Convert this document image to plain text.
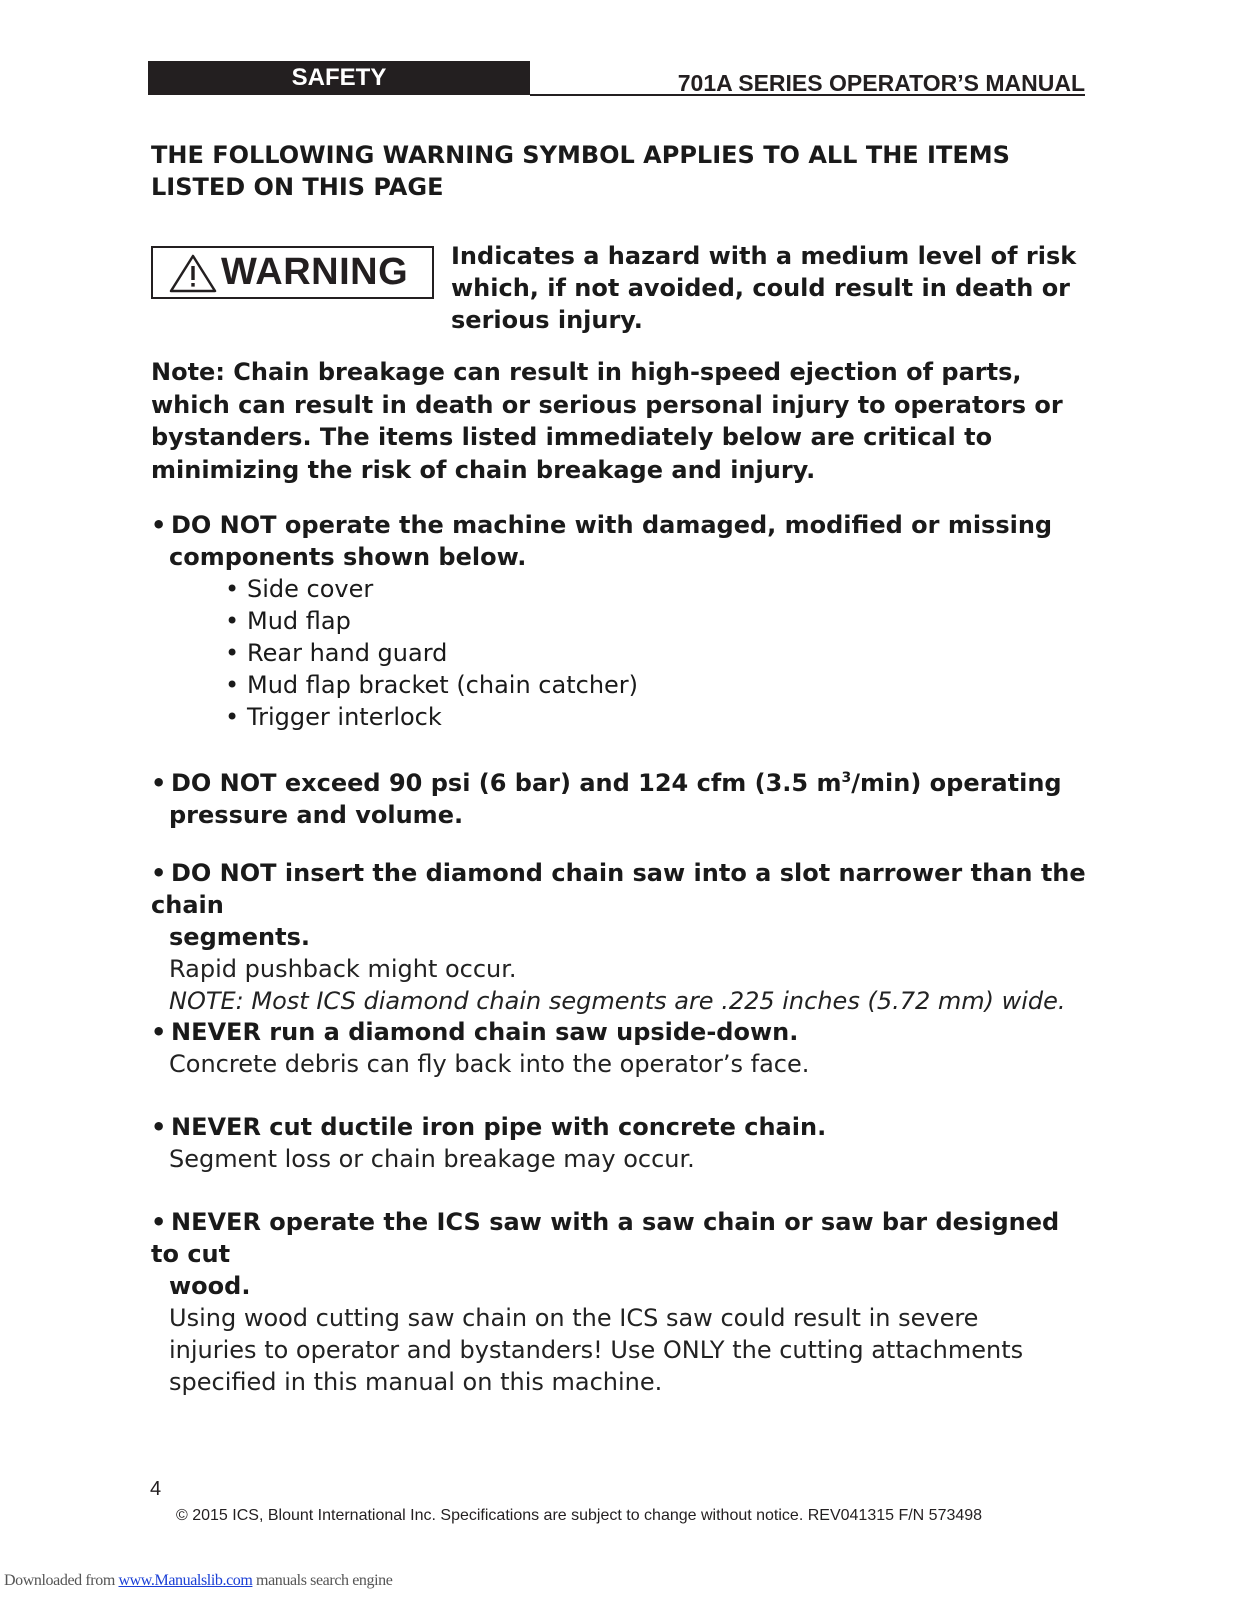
SAFETY	701A SERIES OPERATOR’S MANUAL
THE FOLLOWING WARNING SYMBOL APPLIES TO ALL THE ITEMS LISTED ON THIS PAGE
WARNING Indicates a hazard with a medium level of risk which, if not avoided, could result in death or serious injury.
Note: Chain breakage can result in high-speed ejection of parts, which can result in death or serious personal injury to operators or bystanders. The items listed immediately below are critical to minimizing the risk of chain breakage and injury.
• DO NOT operate the machine with damaged, modified or missing
components shown below.
• Side cover
• Mud flap
• Rear hand guard
• Mud flap bracket (chain catcher)
• Trigger interlock
• DO NOT exceed 90 psi (6 bar) and 124 cfm (3.5 $m^3/\min$) operating
pressure and volume.
• DO NOT insert the diamond chain saw into a slot narrower than the chain
segments.
Rapid pushback might occur.
NOTE: Most ICS diamond chain segments are .225 inches (5.72 mm) wide.
• NEVER run a diamond chain saw upside-down.
Concrete debris can fly back into the operator’s face.
• NEVER cut ductile iron pipe with concrete chain.
Segment loss or chain breakage may occur.
• NEVER operate the ICS saw with a saw chain or saw bar designed to cut
wood.
Using wood cutting saw chain on the ICS saw could result in severe
injuries to operator and bystanders! Use ONLY the cutting attachments
specified in this manual on this machine.
4
© 2015 ICS, Blount International Inc. Specifications are subject to change without notice. REV041315 F/N 573498
Downloaded from www.Manualslib.com manuals search engine
